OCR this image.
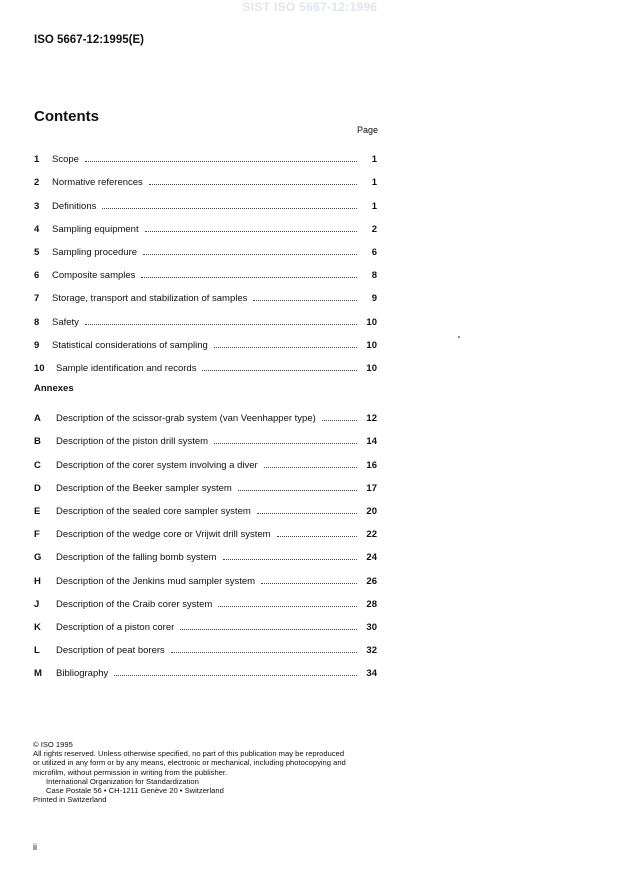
SIST ISO 5667-12:1996
ISO 5667-12:1995(E)
Contents
Page
1	Scope	1
2	Normative references	1
3	Definitions	1
4	Sampling equipment	2
5	Sampling procedure	6
6	Composite samples	8
7	Storage, transport and stabilization of samples	9
8	Safety	10
9	Statistical considerations of sampling	10
10	Sample identification and records	10
Annexes
A	Description of the scissor-grab system (van Veenhapper type)	12
B	Description of the piston drill system	14
C	Description of the corer system involving a diver	16
D	Description of the Beeker sampler system	17
E	Description of the sealed core sampler system	20
F	Description of the wedge core or Vrijwit drill system	22
G	Description of the falling bomb system	24
H	Description of the Jenkins mud sampler system	26
J	Description of the Craib corer system	28
K	Description of a piston corer	30
L	Description of peat borers	32
M	Bibliography	34
© ISO 1995
All rights reserved. Unless otherwise specified, no part of this publication may be reproduced
or utilized in any form or by any means, electronic or mechanical, including photocopying and
microfilm, without permission in writing from the publisher.
International Organization for Standardization
Case Postale 56 • CH-1211 Genève 20 • Switzerland
Printed in Switzerland
ii
